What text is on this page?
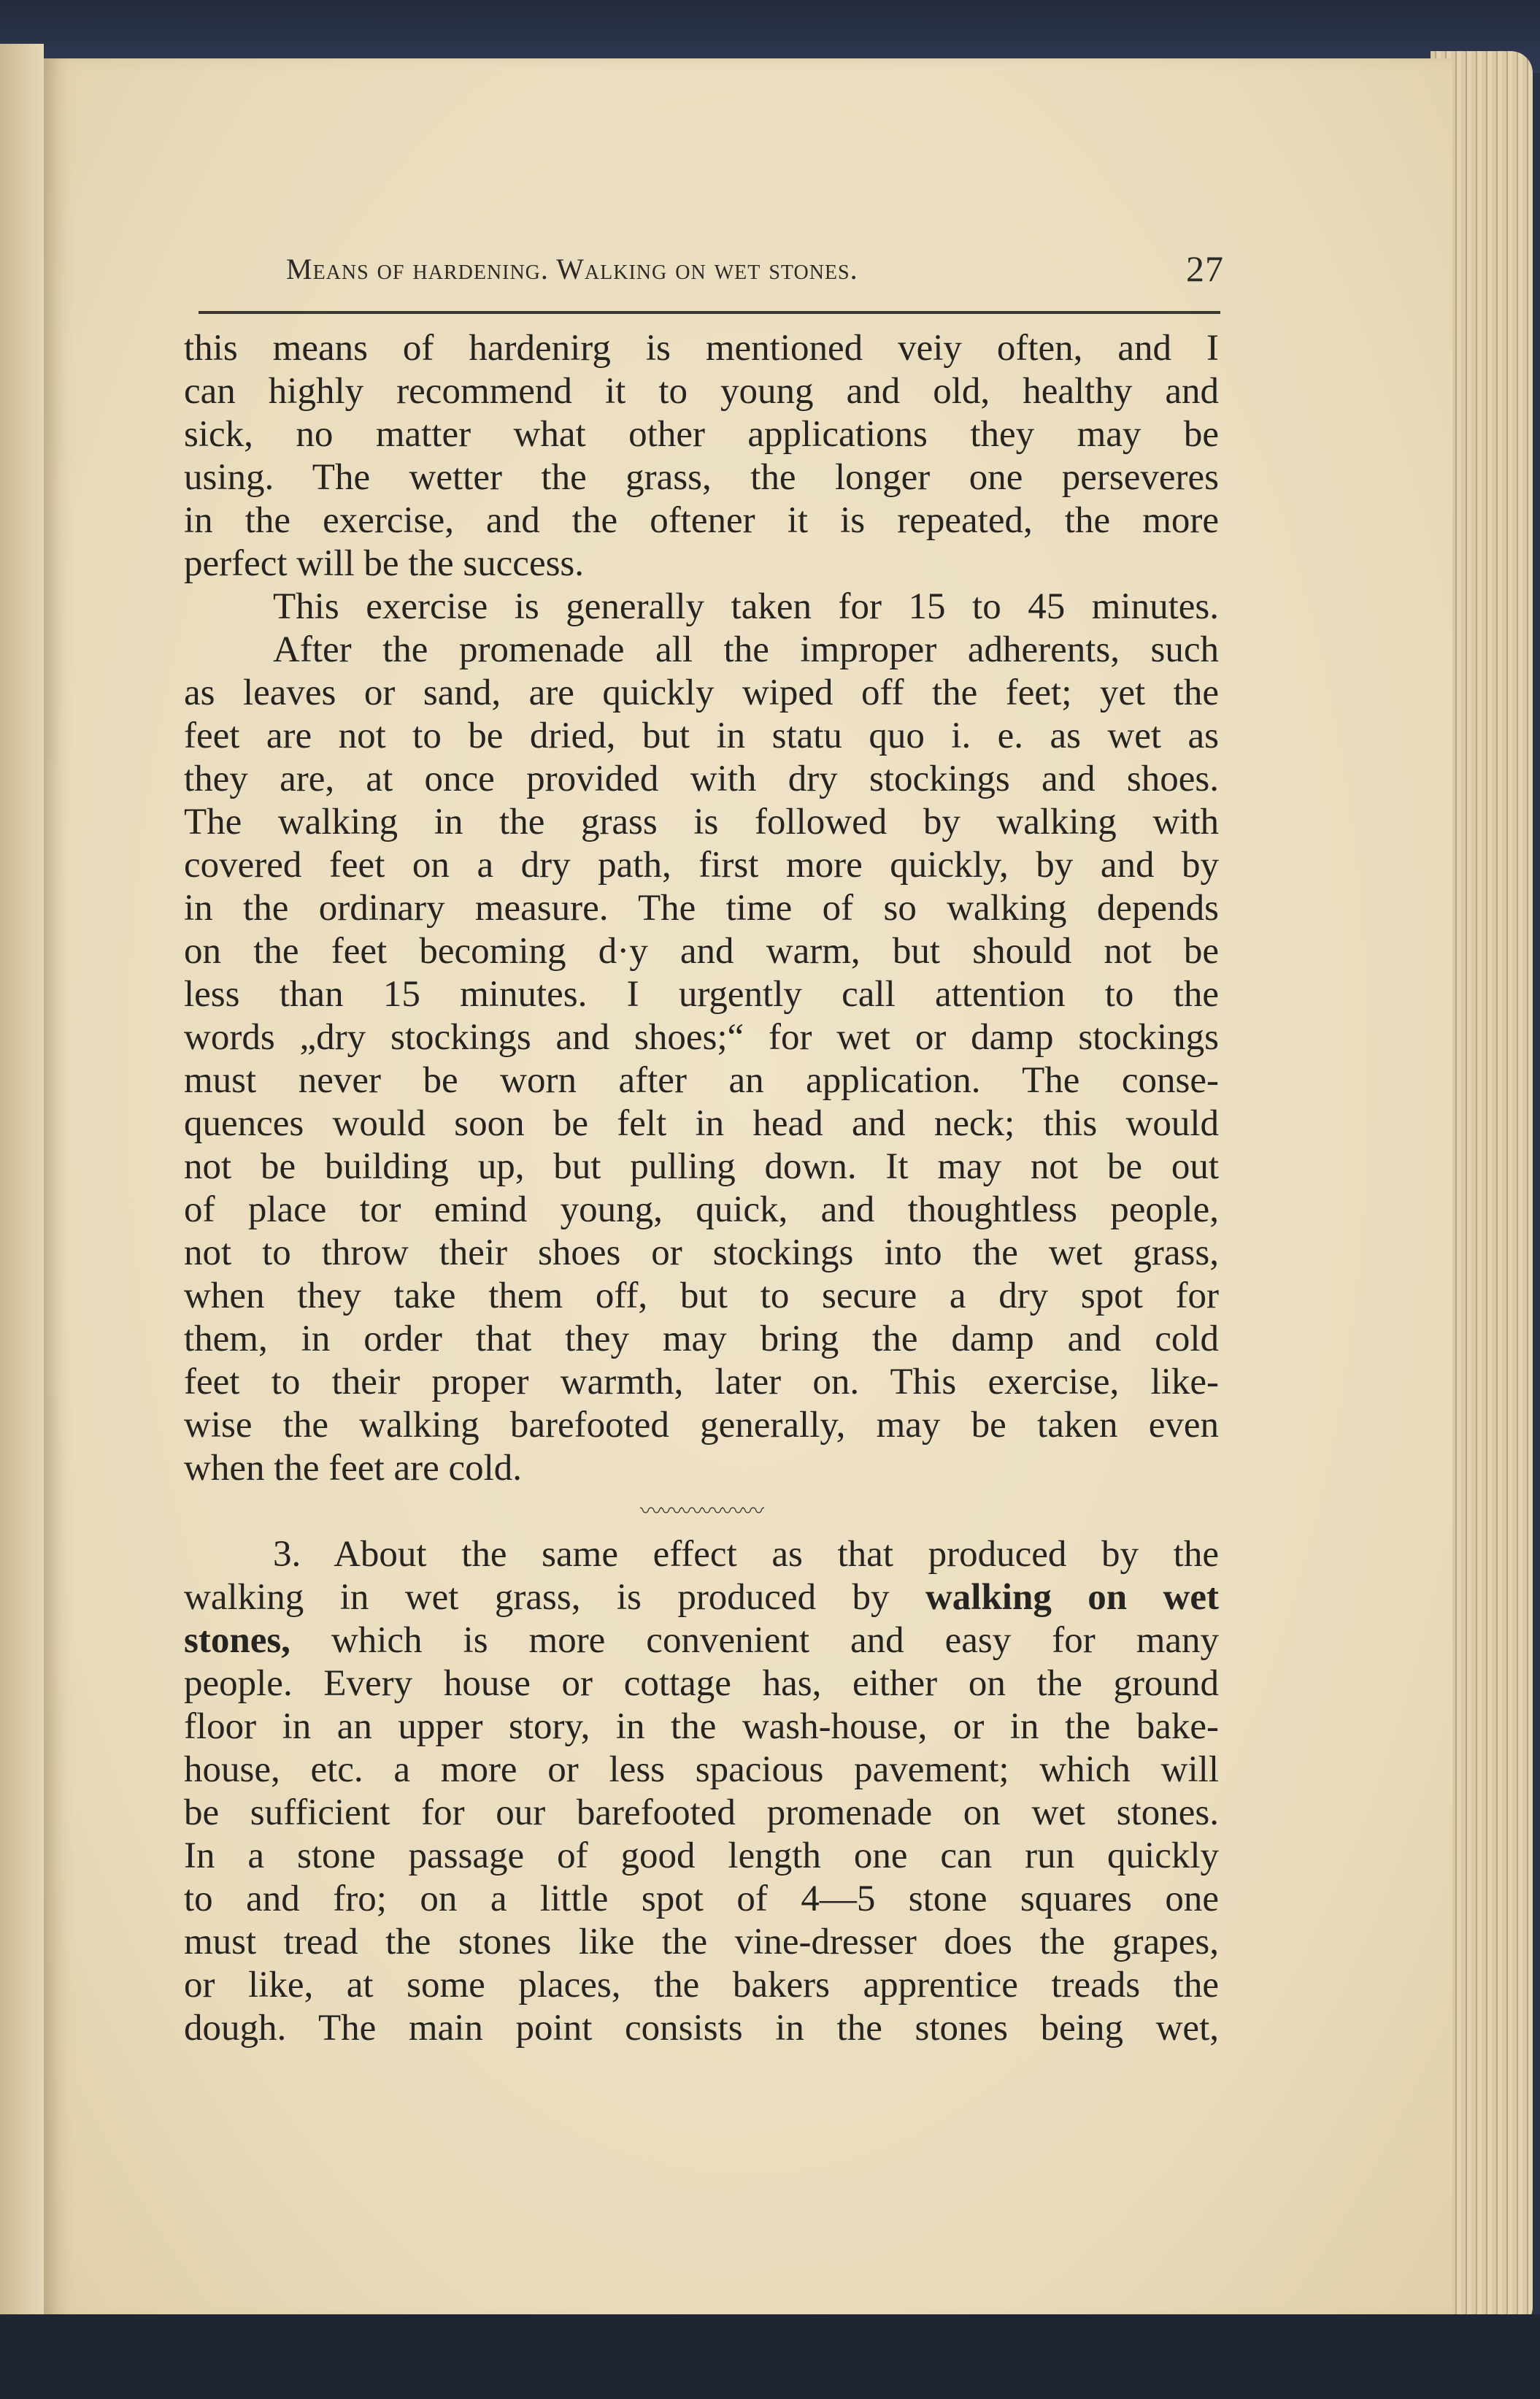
Means of hardening. Walking on wet stones.	27
this means of hardenirg is mentioned veiy often, and I
can highly recommend it to young and old, healthy and
sick, no matter what other applications they may be
using. The wetter the grass, the longer one perseveres
in the exercise, and the oftener it is repeated, the more
perfect will be the success.
This exercise is generally taken for 15 to 45 minutes.
After the promenade all the improper adherents, such
as leaves or sand, are quickly wiped off the feet; yet the
feet are not to be dried, but in statu quo i. e. as wet as
they are, at once provided with dry stockings and shoes.
The walking in the grass is followed by walking with
covered feet on a dry path, first more quickly, by and by
in the ordinary measure. The time of so walking depends
on the feet becoming d·y and warm, but should not be
less than 15 minutes. I urgently call attention to the
words „dry stockings and shoes;“ for wet or damp stockings
must never be worn after an application. The conse-
quences would soon be felt in head and neck; this would
not be building up, but pulling down. It may not be out
of place tor emind young, quick, and thoughtless people,
not to throw their shoes or stockings into the wet grass,
when they take them off, but to secure a dry spot for
them, in order that they may bring the damp and cold
feet to their proper warmth, later on. This exercise, like-
wise the walking barefooted generally, may be taken even
when the feet are cold.
〰〰〰〰〰〰
3. About the same effect as that produced by the
walking in wet grass, is produced by walking on wet
stones, which is more convenient and easy for many
people. Every house or cottage has, either on the ground
floor in an upper story, in the wash-house, or in the bake-
house, etc. a more or less spacious pavement; which will
be sufficient for our barefooted promenade on wet stones.
In a stone passage of good length one can run quickly
to and fro; on a little spot of 4—5 stone squares one
must tread the stones like the vine-dresser does the grapes,
or like, at some places, the bakers apprentice treads the
dough. The main point consists in the stones being wet,
